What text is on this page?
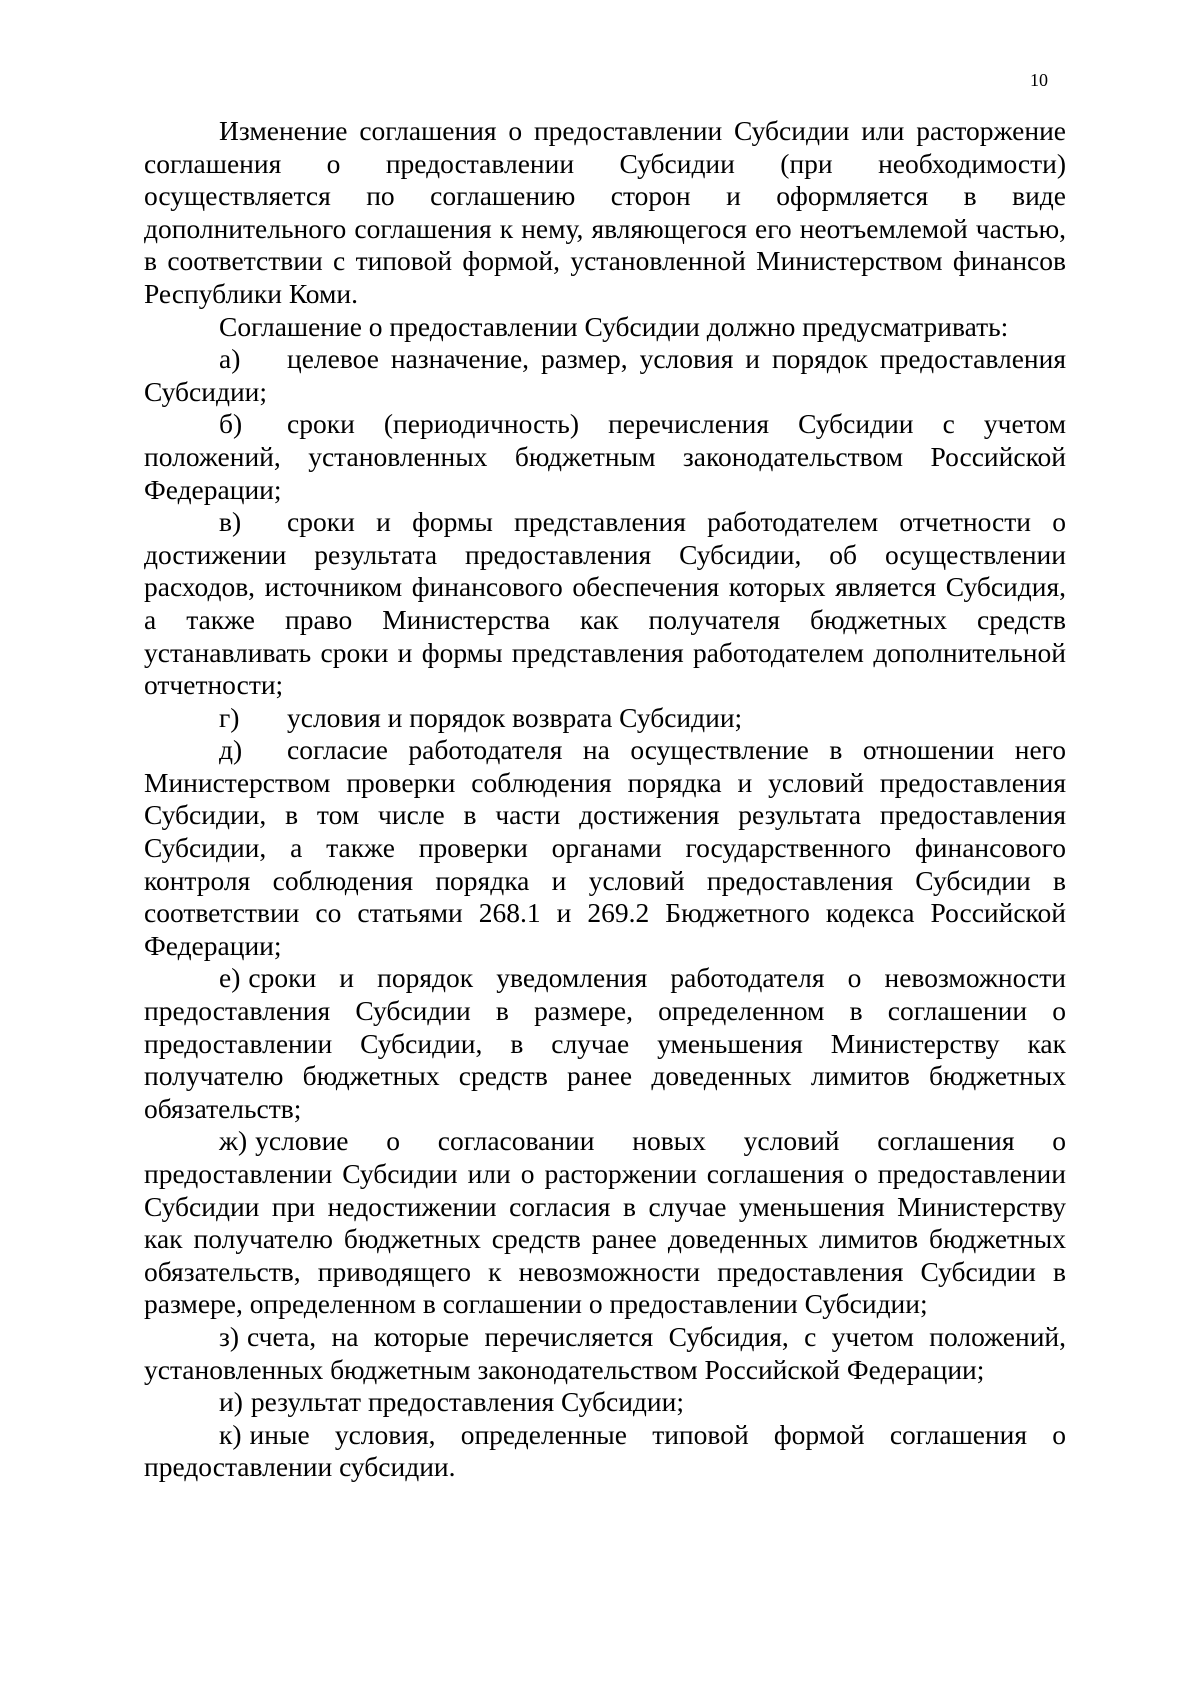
10

Изменение соглашения о предоставлении Субсидии или расторжение соглашения о предоставлении Субсидии (при необходимости) осуществляется по соглашению сторон и оформляется в виде дополнительного соглашения к нему, являющегося его неотъемлемой частью, в соответствии с типовой формой, установленной Министерством финансов Республики Коми.

Соглашение о предоставлении Субсидии должно предусматривать:

а) целевое назначение, размер, условия и порядок предоставления Субсидии;

б) сроки (периодичность) перечисления Субсидии с учетом положений, установленных бюджетным законодательством Российской Федерации;

в) сроки и формы представления работодателем отчетности о достижении результата предоставления Субсидии, об осуществлении расходов, источником финансового обеспечения которых является Субсидия, а также право Министерства как получателя бюджетных средств устанавливать сроки и формы представления работодателем дополнительной отчетности;

г) условия и порядок возврата Субсидии;

д) согласие работодателя на осуществление в отношении него Министерством проверки соблюдения порядка и условий предоставления Субсидии, в том числе в части достижения результата предоставления Субсидии, а также проверки органами государственного финансового контроля соблюдения порядка и условий предоставления Субсидии в соответствии со статьями 268.1 и 269.2 Бюджетного кодекса Российской Федерации;

е) сроки и порядок уведомления работодателя о невозможности предоставления Субсидии в размере, определенном в соглашении о предоставлении Субсидии, в случае уменьшения Министерству как получателю бюджетных средств ранее доведенных лимитов бюджетных обязательств;

ж) условие о согласовании новых условий соглашения о предоставлении Субсидии или о расторжении соглашения о предоставлении Субсидии при недостижении согласия в случае уменьшения Министерству как получателю бюджетных средств ранее доведенных лимитов бюджетных обязательств, приводящего к невозможности предоставления Субсидии в размере, определенном в соглашении о предоставлении Субсидии;

з) счета, на которые перечисляется Субсидия, с учетом положений, установленных бюджетным законодательством Российской Федерации;

и) результат предоставления Субсидии;

к) иные условия, определенные типовой формой соглашения о предоставлении субсидии.
